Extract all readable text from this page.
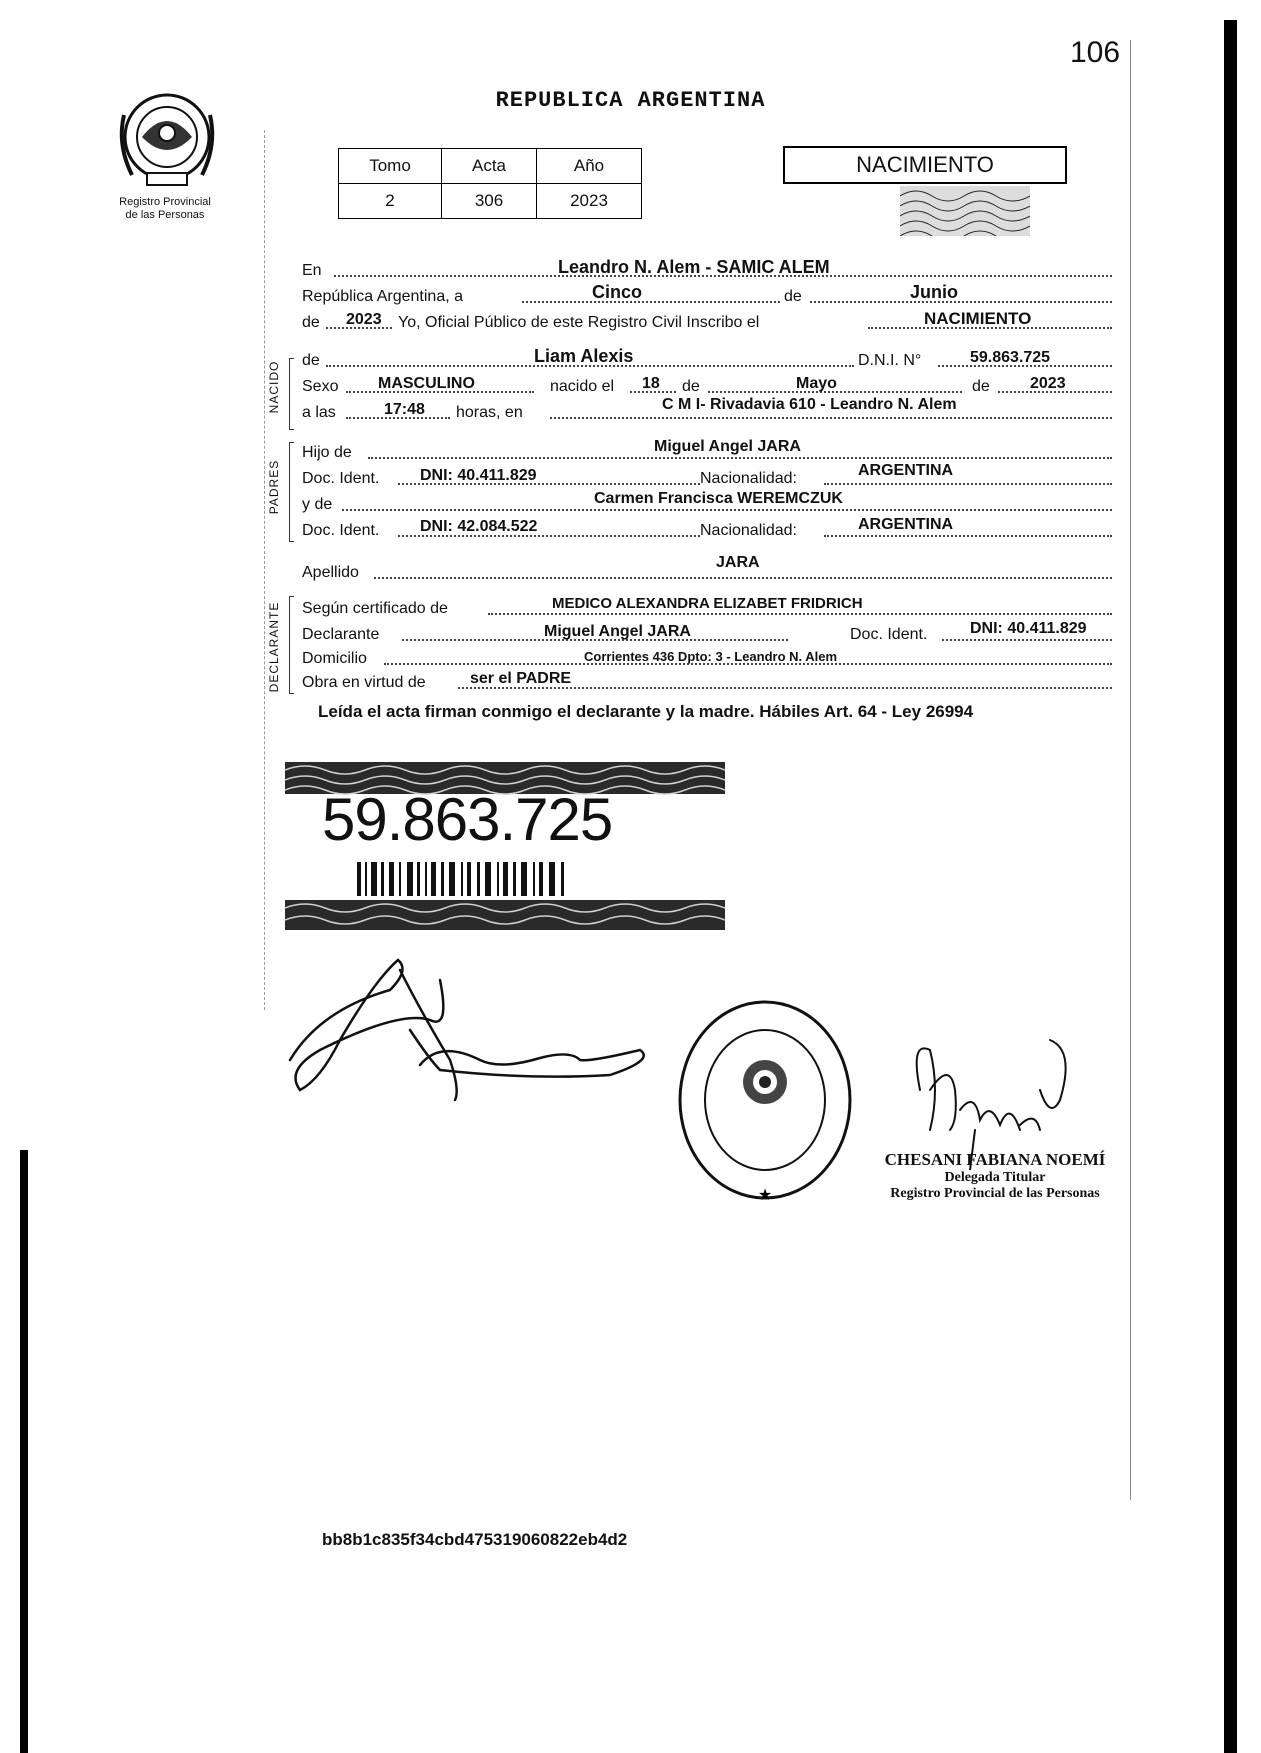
106
Registro Provincial
de las Personas
REPUBLICA ARGENTINA
Tomo	Acta	Año
2	306	2023
NACIMIENTO
NACIDO
PADRES
DECLARANTE
En	Leandro N. Alem - SAMIC ALEM
República Argentina, a	Cinco	de	Junio
de 2023 Yo, Oficial Público de este Registro Civil Inscribo el	NACIMIENTO
de	Liam Alexis	D.N.I. N°	59.863.725
Sexo MASCULINO	nacido el 18 de	Mayo	de	2023
a las	17:48 horas, en	C M I- Rivadavia 610 - Leandro N. Alem
Hijo de	Miguel Angel JARA
Doc. Ident.	DNI: 40.411.829	Nacionalidad:	ARGENTINA
y de	Carmen Francisca WEREMCZUK
Doc. Ident.	DNI: 42.084.522	Nacionalidad:	ARGENTINA
Apellido
JARA
Según certificado de	MEDICO ALEXANDRA ELIZABET FRIDRICH
Declarante	Miguel Angel JARA	Doc. Ident.	DNI: 40.411.829
Domicilio	Corrientes 436 Dpto: 3 - Leandro N. Alem
Obra en virtud de	ser el PADRE
Leída el acta firman conmigo el declarante y la madre. Hábiles Art. 64 - Ley 26994
59.863.725
★
CHESANI FABIANA NOEMÍ
Delegada Titular
Registro Provincial de las Personas
bb8b1c835f34cbd475319060822eb4d2
